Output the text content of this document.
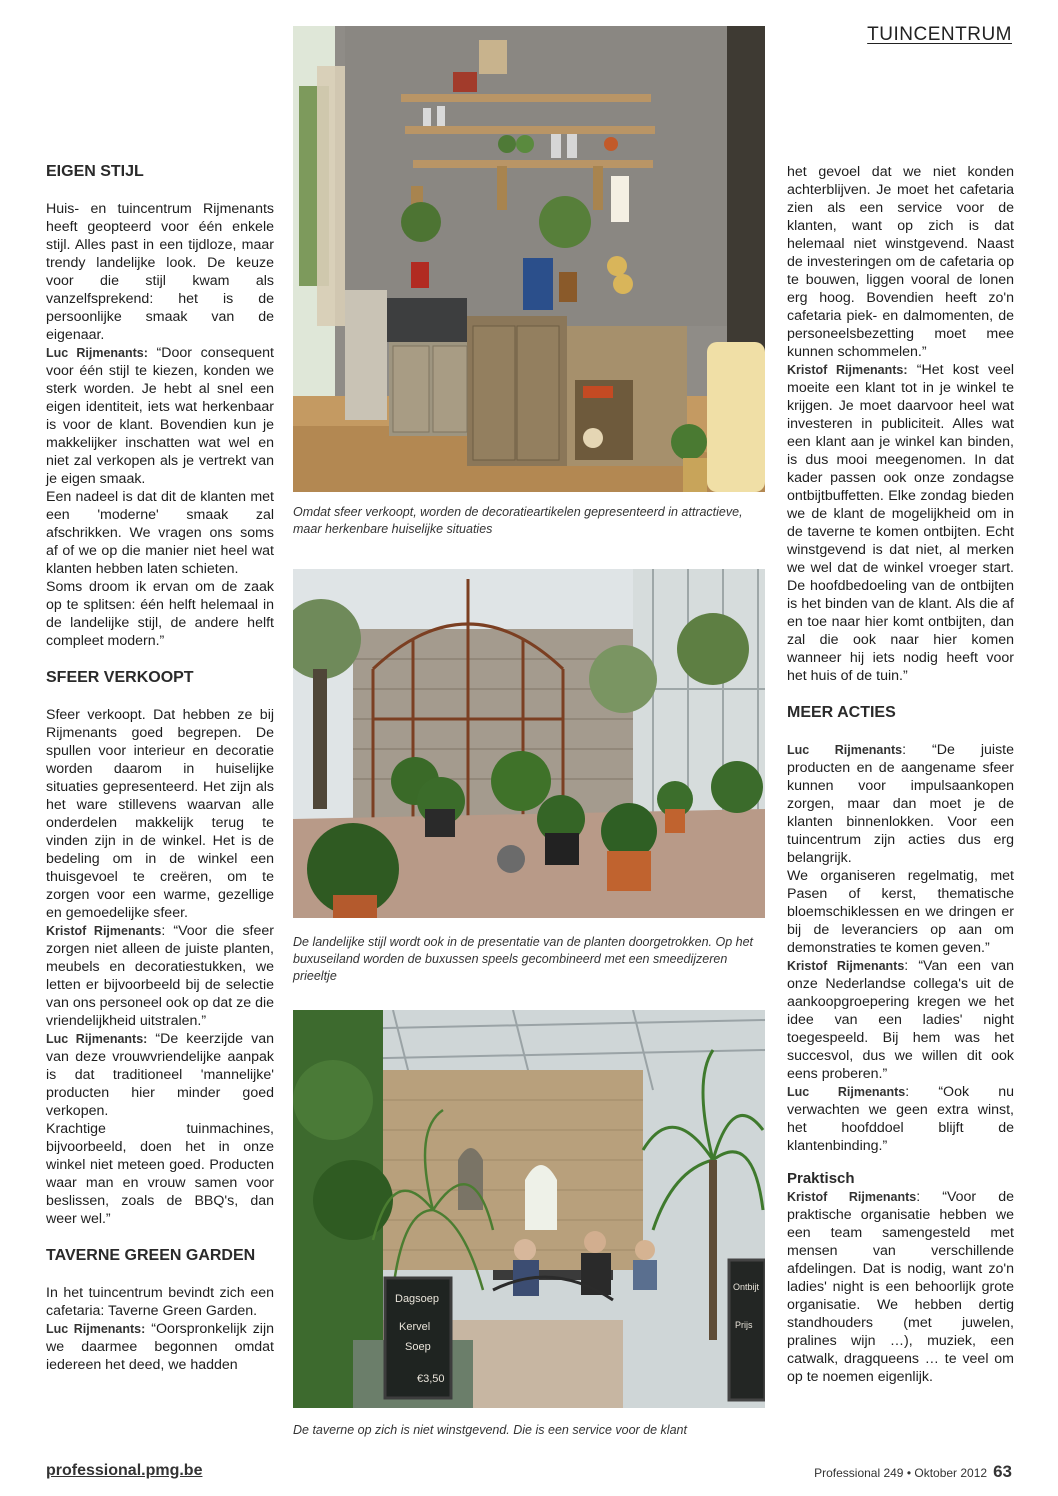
TUINCENTRUM
EIGEN STIJL

Huis- en tuincentrum Rijmenants heeft geopteerd voor één enkele stijl. Alles past in een tijdloze, maar trendy landelijke look. De keuze voor die stijl kwam als vanzelfsprekend: het is de persoonlijke smaak van de eigenaar.

Luc Rijmenants: “Door consequent voor één stijl te kiezen, konden we sterk worden. Je hebt al snel een eigen identiteit, iets wat herkenbaar is voor de klant. Bovendien kun je makkelijker inschatten wat wel en niet zal verkopen als je vertrekt van je eigen smaak.

Een nadeel is dat dit de klanten met een 'moderne' smaak zal afschrikken. We vragen ons soms af of we op die manier niet heel wat klanten hebben laten schieten.

Soms droom ik ervan om de zaak op te splitsen: één helft helemaal in de landelijke stijl, de andere helft compleet modern.”

SFEER VERKOOPT

Sfeer verkoopt. Dat hebben ze bij Rijmenants goed begrepen. De spullen voor interieur en decoratie worden daarom in huiselijke situaties gepresenteerd. Het zijn als het ware stillevens waarvan alle onderdelen makkelijk terug te vinden zijn in de winkel. Het is de bedeling om in de winkel een thuisgevoel te creëren, om te zorgen voor een warme, gezellige en gemoedelijke sfeer.

Kristof Rijmenants: “Voor die sfeer zorgen niet alleen de juiste planten, meubels en decoratiestukken, we letten er bijvoorbeeld bij de selectie van ons personeel ook op dat ze die vriendelijkheid uitstralen.”

Luc Rijmenants: “De keerzijde van van deze vrouwvriendelijke aanpak is dat traditioneel 'mannelijke' producten hier minder goed verkopen.

Krachtige tuinmachines, bijvoorbeeld, doen het in onze winkel niet meteen goed. Producten waar man en vrouw samen voor beslissen, zoals de BBQ's, dan weer wel.”

TAVERNE GREEN GARDEN

In het tuincentrum bevindt zich een cafetaria: Taverne Green Garden.

Luc Rijmenants: “Oorspronkelijk zijn we daarmee begonnen omdat iedereen het deed, we hadden

het gevoel dat we niet konden achterblijven. Je moet het cafetaria zien als een service voor de klanten, want op zich is dat helemaal niet winstgevend. Naast de investeringen om de cafetaria op te bouwen, liggen vooral de lonen erg hoog. Bovendien heeft zo'n cafetaria piek- en dalmomenten, de personeelsbezetting moet mee kunnen schommelen.”

Kristof Rijmenants: “Het kost veel moeite een klant tot in je winkel te krijgen. Je moet daarvoor heel wat investeren in publiciteit. Alles wat een klant aan je winkel kan binden, is dus mooi meegenomen. In dat kader passen ook onze zondagse ontbijtbuffetten. Elke zondag bieden we de klant de mogelijkheid om in de taverne te komen ontbijten. Echt winstgevend is dat niet, al merken we wel dat de winkel vroeger start. De hoofdbedoeling van de ontbijten is het binden van de klant. Als die af en toe naar hier komt ontbijten, dan zal die ook naar hier komen wanneer hij iets nodig heeft voor het huis of de tuin.”

MEER ACTIES

Luc Rijmenants: “De juiste producten en de aangename sfeer kunnen voor impulsaankopen zorgen, maar dan moet je de klanten binnenlokken. Voor een tuincentrum zijn acties dus erg belangrijk.

We organiseren regelmatig, met Pasen of kerst, thematische bloemschiklessen en we dringen er bij de leveranciers op aan om demonstraties te komen geven.”

Kristof Rijmenants: “Van een van onze Nederlandse collega's uit de aankoopgroepering kregen we het idee van een ladies' night toegespeeld. Bij hem was het succesvol, dus we willen dit ook eens proberen.”

Luc Rijmenants: “Ook nu verwachten we geen extra winst, het hoofddoel blijft de klantenbinding.”

Praktisch

Kristof Rijmenants: “Voor de praktische organisatie hebben we een team samengesteld met mensen van verschillende afdelingen. Dat is nodig, want zo'n ladies' night is een behoorlijk grote organisatie. We hebben dertig standhouders (met juwelen, pralines wijn …), muziek, een catwalk, dragqueens … te veel om op te noemen eigenlijk.

Omdat sfeer verkoopt, worden de decoratieartikelen gepresenteerd in attractieve, maar herkenbare huiselijke situaties
De landelijke stijl wordt ook in de presentatie van de planten doorgetrokken. Op het buxuseiland worden de buxussen speels gecombineerd met een smeedijzeren prieeltje
Dagsoep
Kervel
Soep
€3,50
Ontbijt
Prijs
De taverne op zich is niet winstgevend. Die is een service voor de klant
professional.pmg.be	Professional 249 • Oktober 2012 63
